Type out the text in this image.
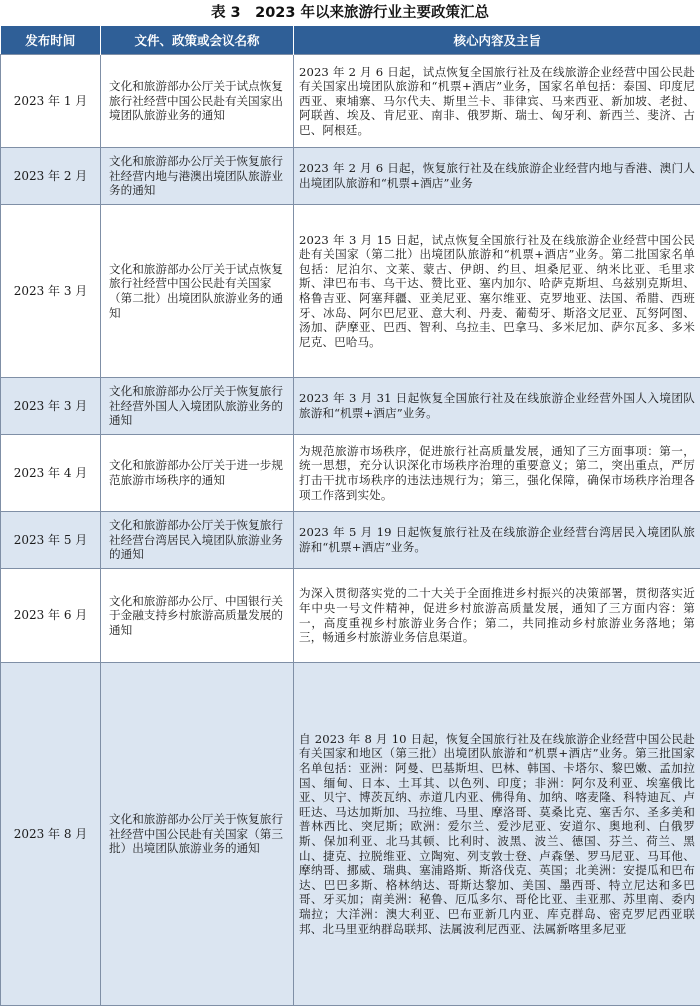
表 3　2023 年以来旅游行业主要政策汇总
发布时间	文件、政策或会议名称	核心内容及主旨
2023 年 1 月	文化和旅游部办公厅关于试点恢复旅行社经营中国公民赴有关国家出境团队旅游业务的通知	2023 年 2 月 6 日起，试点恢复全国旅行社及在线旅游企业经营中国公民赴有关国家出境团队旅游和“机票+酒店”业务，国家名单包括：泰国、印度尼西亚、柬埔寨、马尔代夫、斯里兰卡、菲律宾、马来西亚、新加坡、老挝、阿联酋、埃及、肯尼亚、南非、俄罗斯、瑞士、匈牙利、新西兰、斐济、古巴、阿根廷。
2023 年 2 月	文化和旅游部办公厅关于恢复旅行社经营内地与港澳出境团队旅游业务的通知	2023 年 2 月 6 日起，恢复旅行社及在线旅游企业经营内地与香港、澳门人出境团队旅游和“机票+酒店”业务
2023 年 3 月	文化和旅游部办公厅关于试点恢复旅行社经营中国公民赴有关国家（第二批）出境团队旅游业务的通知	2023 年 3 月 15 日起，试点恢复全国旅行社及在线旅游企业经营中国公民赴有关国家（第二批）出境团队旅游和“机票+酒店”业务。第二批国家名单包括：尼泊尔、文莱、蒙古、伊朗、约旦、坦桑尼亚、纳米比亚、毛里求斯、津巴布韦、乌干达、赞比亚、塞内加尔、哈萨克斯坦、乌兹别克斯坦、格鲁吉亚、阿塞拜疆、亚美尼亚、塞尔维亚、克罗地亚、法国、希腊、西班牙、冰岛、阿尔巴尼亚、意大利、丹麦、葡萄牙、斯洛文尼亚、瓦努阿图、汤加、萨摩亚、巴西、智利、乌拉圭、巴拿马、多米尼加、萨尔瓦多、多米尼克、巴哈马。
2023 年 3 月	文化和旅游部办公厅关于恢复旅行社经营外国人入境团队旅游业务的通知	2023 年 3 月 31 日起恢复全国旅行社及在线旅游企业经营外国人入境团队旅游和“机票+酒店”业务。
2023 年 4 月	文化和旅游部办公厅关于进一步规范旅游市场秩序的通知	为规范旅游市场秩序，促进旅行社高质量发展，通知了三方面事项：第一，统一思想，充分认识深化市场秩序治理的重要意义；第二，突出重点，严厉打击干扰市场秩序的违法违规行为；第三，强化保障，确保市场秩序治理各项工作落到实处。
2023 年 5 月	文化和旅游部办公厅关于恢复旅行社经营台湾居民入境团队旅游业务的通知	2023 年 5 月 19 日起恢复旅行社及在线旅游企业经营台湾居民入境团队旅游和“机票+酒店”业务。
2023 年 6 月	文化和旅游部办公厅、中国银行关于金融支持乡村旅游高质量发展的通知	为深入贯彻落实党的二十大关于全面推进乡村振兴的决策部署，贯彻落实近年中央一号文件精神，促进乡村旅游高质量发展，通知了三方面内容：第一，高度重视乡村旅游业务合作；第二，共同推动乡村旅游业务落地；第三，畅通乡村旅游业务信息渠道。
2023 年 8 月	文化和旅游部办公厅关于恢复旅行社经营中国公民赴有关国家（第三批）出境团队旅游业务的通知	自 2023 年 8 月 10 日起，恢复全国旅行社及在线旅游企业经营中国公民赴有关国家和地区（第三批）出境团队旅游和“机票+酒店”业务。第三批国家名单包括：亚洲：阿曼、巴基斯坦、巴林、韩国、卡塔尔、黎巴嫩、孟加拉国、缅甸、日本、土耳其、以色列、印度；非洲：阿尔及利亚、埃塞俄比亚、贝宁、博茨瓦纳、赤道几内亚、佛得角、加纳、喀麦隆、科特迪瓦、卢旺达、马达加斯加、马拉维、马里、摩洛哥、莫桑比克、塞舌尔、圣多美和普林西比、突尼斯；欧洲：爱尔兰、爱沙尼亚、安道尔、奥地利、白俄罗斯、保加利亚、北马其顿、比利时、波黑、波兰、德国、芬兰、荷兰、黑山、捷克、拉脱维亚、立陶宛、列支敦士登、卢森堡、罗马尼亚、马耳他、摩纳哥、挪威、瑞典、塞浦路斯、斯洛伐克、英国；北美洲：安提瓜和巴布达、巴巴多斯、格林纳达、哥斯达黎加、美国、墨西哥、特立尼达和多巴哥、牙买加；南美洲：秘鲁、厄瓜多尔、哥伦比亚、圭亚那、苏里南、委内瑞拉；大洋洲：澳大利亚、巴布亚新几内亚、库克群岛、密克罗尼西亚联邦、北马里亚纳群岛联邦、法属波利尼西亚、法属新喀里多尼亚
